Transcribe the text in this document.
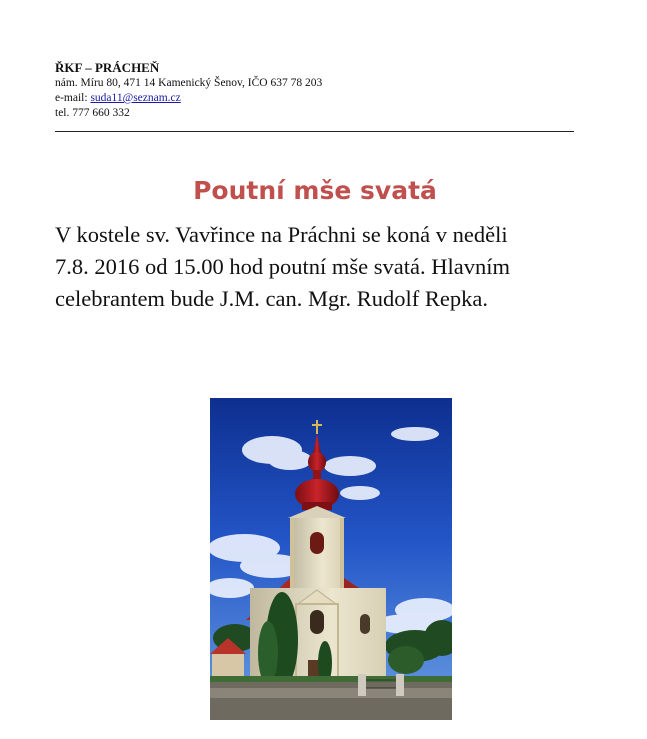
ŘKF – PRÁCHEŇ
nám. Míru 80, 471 14 Kamenický Šenov, IČO 637 78 203
e-mail: suda11@seznam.cz
tel. 777 660 332
Poutní mše svatá
V kostele sv. Vavřince na Práchni se koná v neděli
7.8. 2016 od 15.00 hod poutní mše svatá. Hlavním
celebrantem bude J.M. can. Mgr. Rudolf Repka.
